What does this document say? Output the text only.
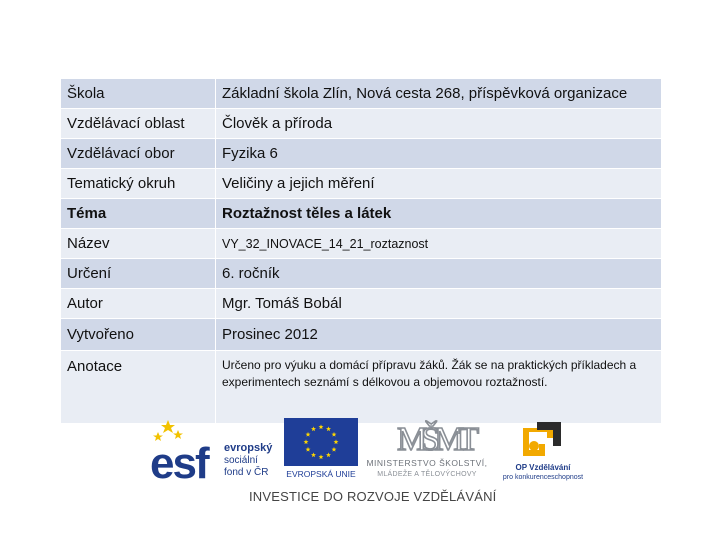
Škola	Základní škola Zlín, Nová cesta 268, příspěvková organizace
Vzdělávací oblast	Člověk a příroda
Vzdělávací obor	Fyzika 6
Tematický okruh	Veličiny a jejich měření
Téma	Roztažnost těles a látek
Název	VY_32_INOVACE_14_21_roztaznost
Určení	6. ročník
Autor	Mgr. Tomáš Bobál
Vytvořeno	Prosinec 2012
Anotace	Určeno pro výuku a domácí přípravu žáků. Žák se na praktických příkladech a experimentech seznámí s délkovou a objemovou roztažností.
esf evropský
sociální
fond v ČR EVROPSKÁ UNIE
MŠMT
MINISTERSTVO ŠKOLSTVÍ,
MLÁDEŽE A TĚLOVÝCHOVY
OP Vzdělávání
pro konkurenceschopnost
INVESTICE DO ROZVOJE VZDĚLÁVÁNÍ
